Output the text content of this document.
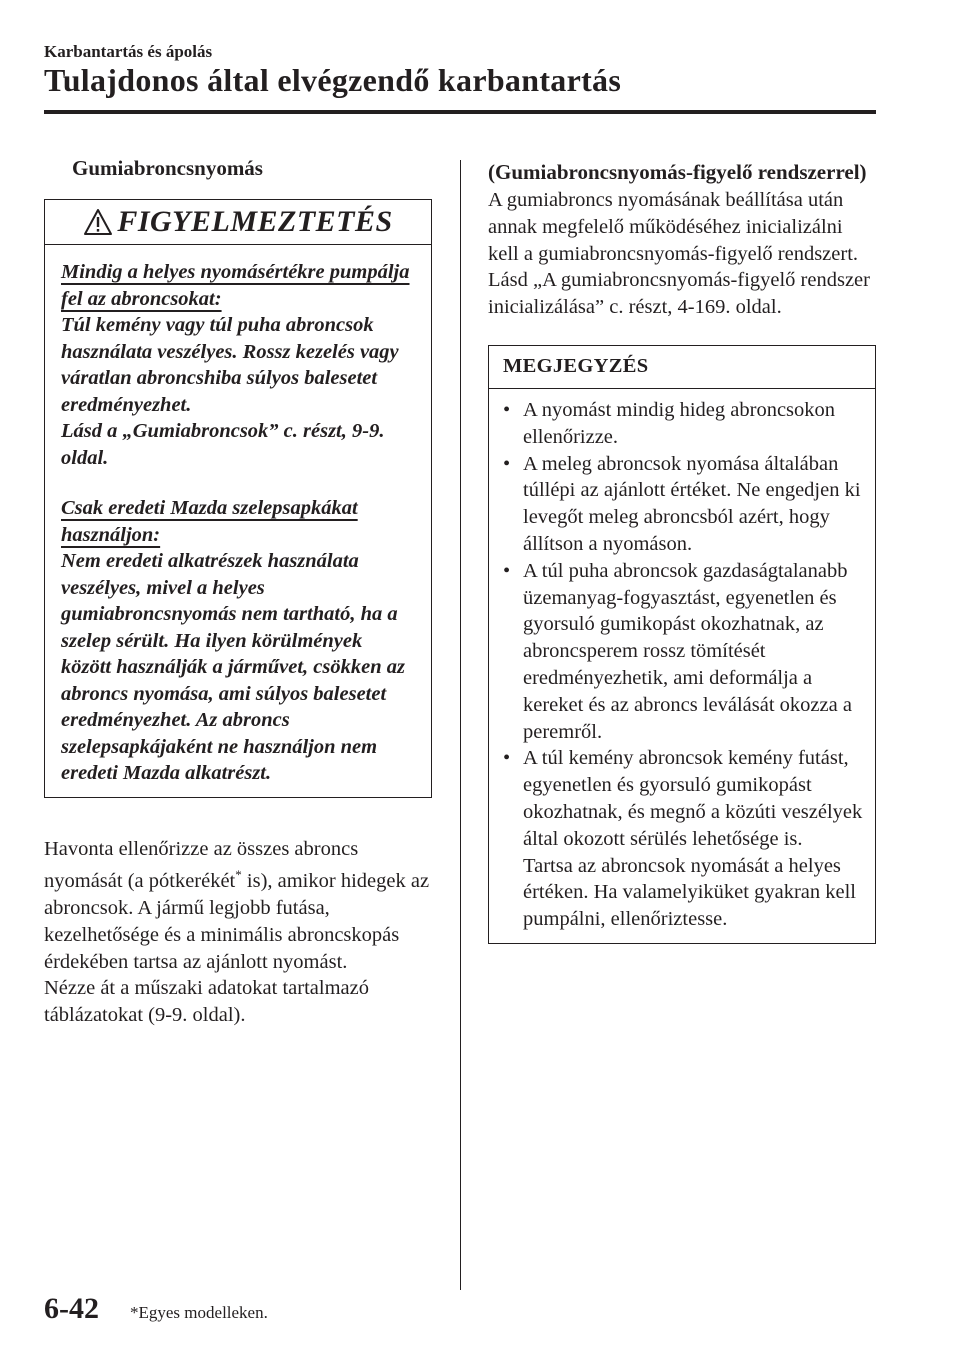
Karbantartás és ápolás
Tulajdonos által elvégzendő karbantartás
Gumiabroncsnyomás
FIGYELMEZTETÉS
Mindig a helyes nyomásértékre pumpálja fel az abroncsokat:
Túl kemény vagy túl puha abroncsok használata veszélyes. Rossz kezelés vagy váratlan abroncshiba súlyos balesetet eredményezhet.
Lásd a „Gumiabroncsok” c. részt, 9-9. oldal.
Csak eredeti Mazda szelepsapkákat használjon:
Nem eredeti alkatrészek használata veszélyes, mivel a helyes gumiabroncsnyomás nem tartható, ha a szelep sérült. Ha ilyen körülmények között használják a járművet, csökken az abroncs nyomása, ami súlyos balesetet eredményezhet. Az abroncs szelepsapkájaként ne használjon nem eredeti Mazda alkatrészt.

Havonta ellenőrizze az összes abroncs nyomását (a pótkerékét* is), amikor hidegek az abroncsok. A jármű legjobb futása, kezelhetősége és a minimális abroncskopás érdekében tartsa az ajánlott nyomást.

Nézze át a műszaki adatokat tartalmazó táblázatokat (9-9. oldal).

(Gumiabroncsnyomás-figyelő rendszerrel)

A gumiabroncs nyomásának beállítása után annak megfelelő működéséhez inicializálni kell a gumiabroncsnyomás-figyelő rendszert. Lásd „A gumiabroncsnyomás-figyelő rendszer inicializálása” c. részt, 4-169. oldal.

MEGJEGYZÉS
• A nyomást mindig hideg abroncsokon ellenőrizze.
• A meleg abroncsok nyomása általában túllépi az ajánlott értéket. Ne engedjen ki levegőt meleg abroncsból azért, hogy állítson a nyomáson.
• A túl puha abroncsok gazdaságtalanabb üzemanyag-fogyasztást, egyenetlen és gyorsuló gumikopást okozhatnak, az abroncsperem rossz tömítését eredményezhetik, ami deformálja a kereket és az abroncs leválását okozza a peremről.
• A túl kemény abroncsok kemény futást, egyenetlen és gyorsuló gumikopást okozhatnak, és megnő a közúti veszélyek által okozott sérülés lehetősége is.
Tartsa az abroncsok nyomását a helyes értéken. Ha valamelyiküket gyakran kell pumpálni, ellenőriztesse.
6-42 *Egyes modelleken.
